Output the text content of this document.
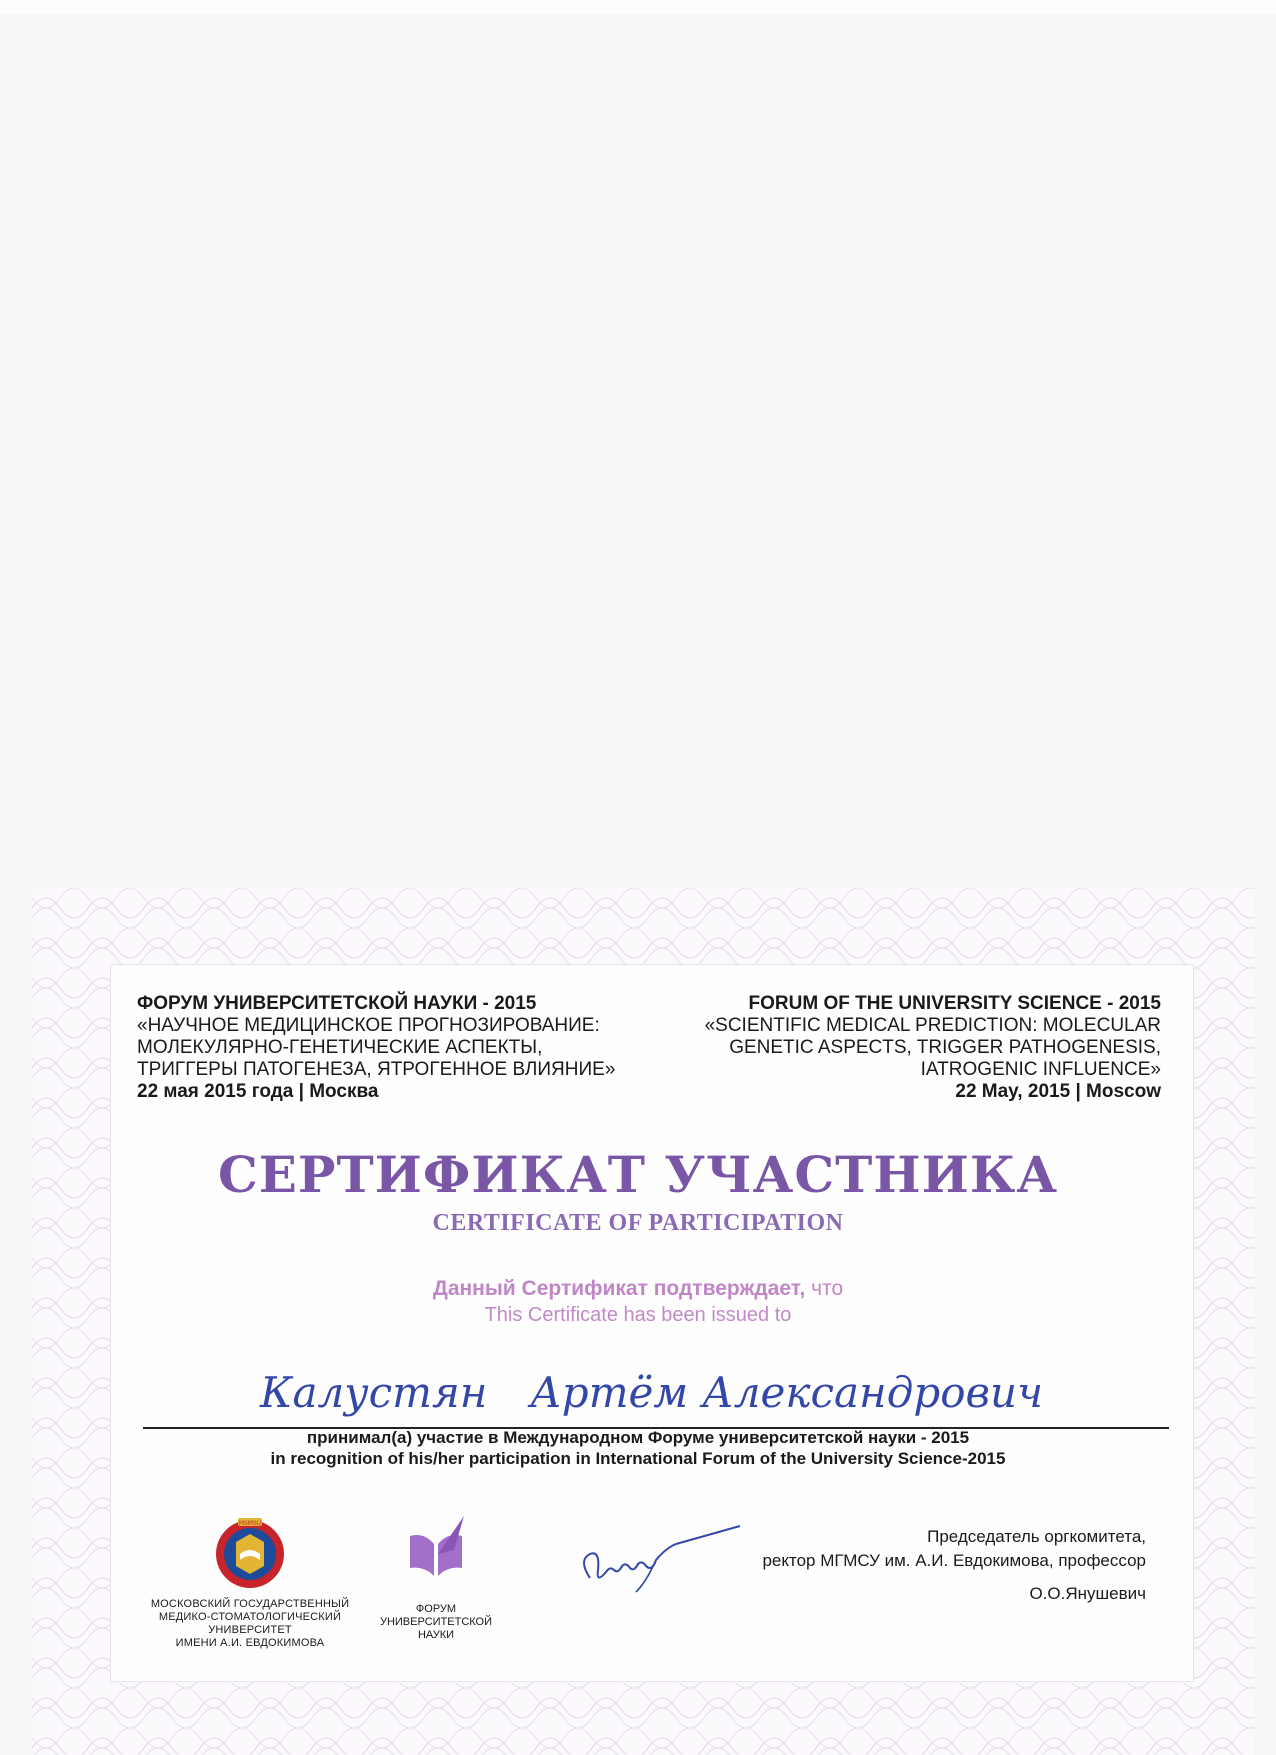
ФОРУМ УНИВЕРСИТЕТСКОЙ НАУКИ - 2015
«НАУЧНОЕ МЕДИЦИНСКОЕ ПРОГНОЗИРОВАНИЕ:
МОЛЕКУЛЯРНО-ГЕНЕТИЧЕСКИЕ АСПЕКТЫ,
ТРИГГЕРЫ ПАТОГЕНЕЗА, ЯТРОГЕННОЕ ВЛИЯНИЕ»
22 мая 2015 года | Москва
FORUM OF THE UNIVERSITY SCIENCE - 2015
«SCIENTIFIC MEDICAL PREDICTION: MOLECULAR
GENETIC ASPECTS, TRIGGER PATHOGENESIS,
IATROGENIC INFLUENCE»
22 May, 2015 | Moscow
СЕРТИФИКАТ УЧАСТНИКА
CERTIFICATE OF PARTICIPATION
Данный Сертификат подтверждает, что
This Certificate has been issued to
Калустян Артём Александрович
принимал(а) участие в Международном Форуме университетской науки - 2015
in recognition of his/her participation in International Forum of the University Science-2015
MSMSU
МОСКОВСКИЙ ГОСУДАРСТВЕННЫЙ
МЕДИКО-СТОМАТОЛОГИЧЕСКИЙ
УНИВЕРСИТЕТ
ИМЕНИ А.И. ЕВДОКИМОВА
ФОРУМ
УНИВЕРСИТЕТСКОЙ
НАУКИ
Председатель оргкомитета,
ректор МГМСУ им. А.И. Евдокимова, профессор
О.О.Янушевич
